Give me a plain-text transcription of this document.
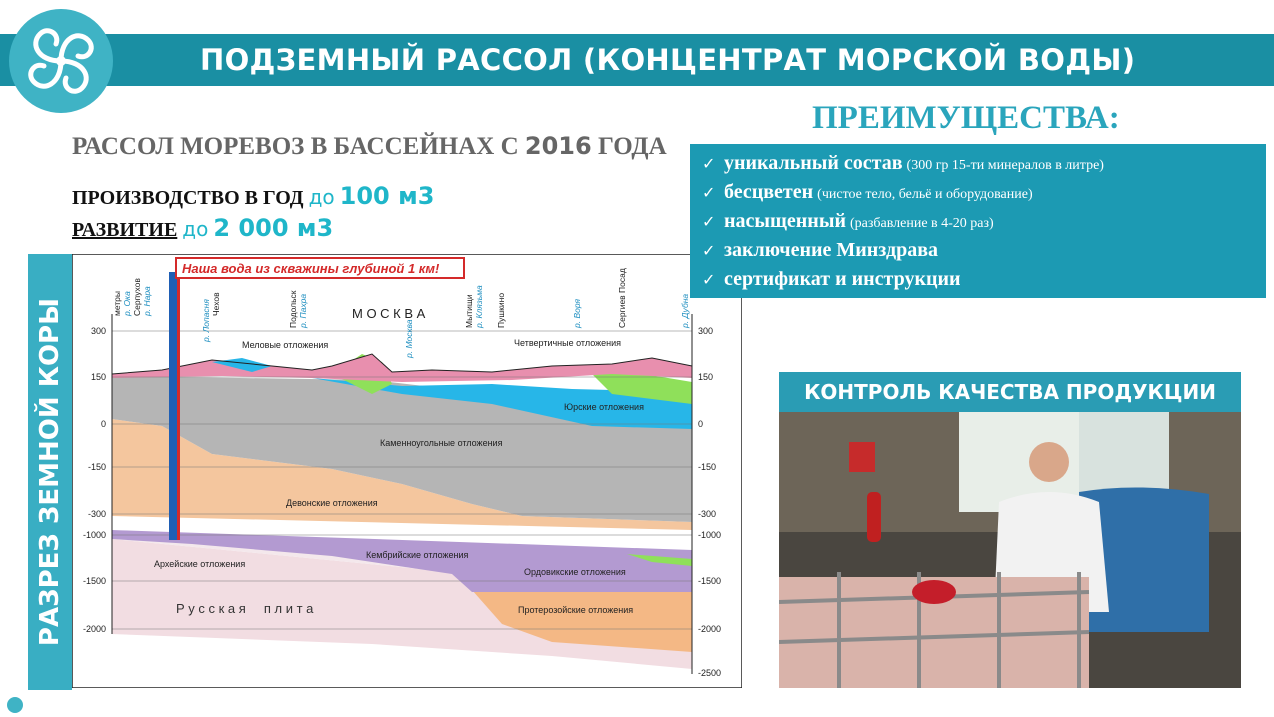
ПОДЗЕМНЫЙ РАССОЛ (КОНЦЕНТРАТ МОРСКОЙ ВОДЫ)
РАССОЛ МОРЕВОЗ В БАССЕЙНАХ С 2016 ГОДА
ПРОИЗВОДСТВО В ГОД до 100 м3
РАЗВИТИЕ до 2 000 м3
РАЗРЕЗ ЗЕМНОЙ КОРЫ
Наша вода из скважины глубиной 1 км!
300
150
0
-150
-300
-1000
-1500
-2000
300
150
0
-150
-300
-1000
-1500
-2000
-2500
метры р. Ока Серпухов р. Нара	р. Лопасня Чехов	Подольск р. Пахра
р. Москва
Мытищи р. Клязьма Пушкино	р. Воря	Сергиев Посад	р. Дубна
М О С К В А
Меловые отложения	Четвертичные отложения
Юрские отложения
Каменноугольные отложения
Девонские отложения
Кембрийские отложения
Архейские отложения
Ордовикские отложения
Протерозойские отложения
Р у с с к а я     п л и т а
ПРЕИМУЩЕСТВА:
✓ уникальный состав (300 гр 15-ти минералов в литре)
✓ бесцветен (чистое тело, бельё и оборудование)
✓ насыщенный (разбавление в 4-20 раз)
✓ заключение Минздрава
✓ сертификат и инструкции
КОНТРОЛЬ КАЧЕСТВА ПРОДУКЦИИ
